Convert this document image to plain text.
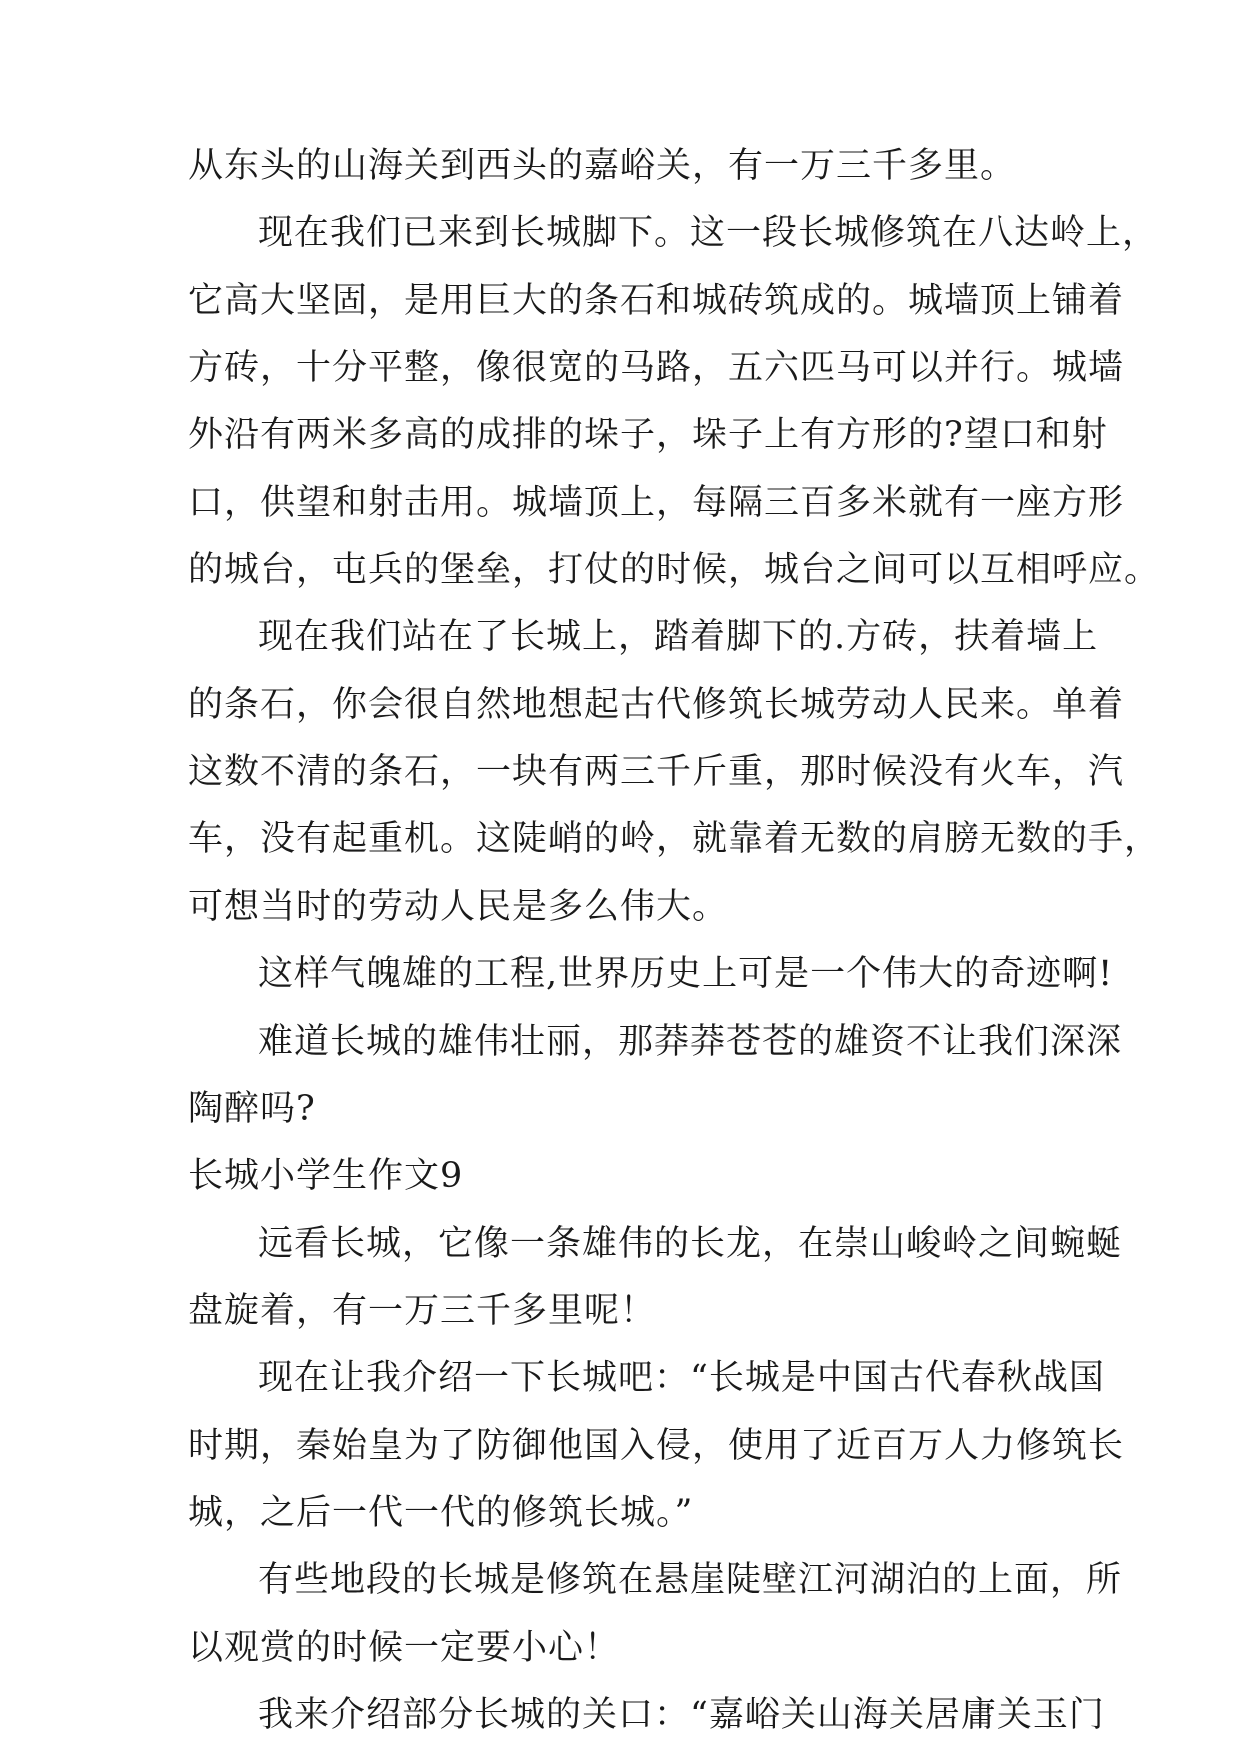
从东头的山海关到西头的嘉峪关，有一万三千多里。
现在我们已来到长城脚下。这一段长城修筑在八达岭上，
它高大坚固，是用巨大的条石和城砖筑成的。城墙顶上铺着
方砖，十分平整，像很宽的马路，五六匹马可以并行。城墙
外沿有两米多高的成排的垛子，垛子上有方形的?望口和射
口，供望和射击用。城墙顶上，每隔三百多米就有一座方形
的城台，屯兵的堡垒，打仗的时候，城台之间可以互相呼应。
现在我们站在了长城上，踏着脚下的.方砖，扶着墙上
的条石，你会很自然地想起古代修筑长城劳动人民来。单着
这数不清的条石，一块有两三千斤重，那时候没有火车，汽
车，没有起重机。这陡峭的岭，就靠着无数的肩膀无数的手，
可想当时的劳动人民是多么伟大。
这样气魄雄的工程,世界历史上可是一个伟大的奇迹啊!
难道长城的雄伟壮丽，那莽莽苍苍的雄资不让我们深深
陶醉吗?
长城小学生作文9
远看长城，它像一条雄伟的长龙，在崇山峻岭之间蜿蜒
盘旋着，有一万三千多里呢！
现在让我介绍一下长城吧：“长城是中国古代春秋战国
时期，秦始皇为了防御他国入侵，使用了近百万人力修筑长
城，之后一代一代的修筑长城。”
有些地段的长城是修筑在悬崖陡壁江河湖泊的上面，所
以观赏的时候一定要小心！
我来介绍部分长城的关口：“嘉峪关山海关居庸关玉门
